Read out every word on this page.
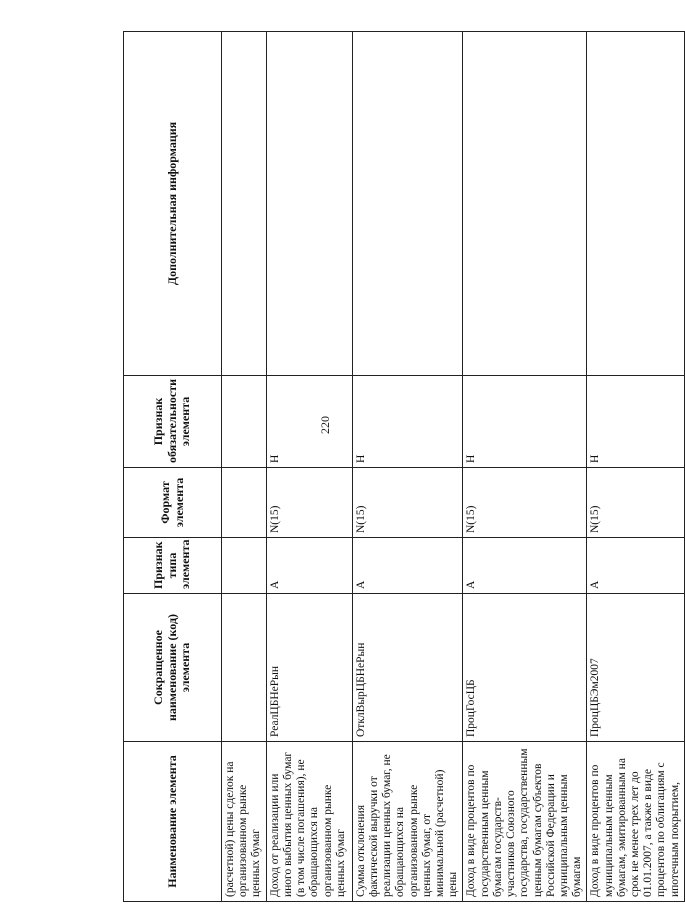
220
Наименование элемента	Сокращенное наименование (код) элемента	Признак типа элемента	Формат элемента	Признак обязательности элемента	Дополнительная информация
(расчетной) цены сделок на организованном рынке ценных бумаг					
Доход от реализации или иного выбытия ценных бумаг (в том числе погашения), не обращающихся на организованном рынке ценных бумаг	РеалЦБНеРын	А	N(15)	Н	
Сумма отклонения фактической выручки от реализации ценных бумаг, не обращающихся на организованном рынке ценных бумаг, от минимальной (расчетной) цены	ОтклВырЦБНеРын	А	N(15)	Н	
Доход в виде процентов по государственным ценным бумагам государств-участников Союзного государства, государственным ценным бумагам субъектов Российской Федерации и муниципальным ценным бумагам	ПроцГосЦБ	А	N(15)	Н	
Доход в виде процентов по муниципальным ценным бумагам, эмитированным на срок не менее трех лет до 01.01.2007, а также в виде процентов по облигациям с ипотечным покрытием,	ПроцЦБЭм2007	А	N(15)	Н	
